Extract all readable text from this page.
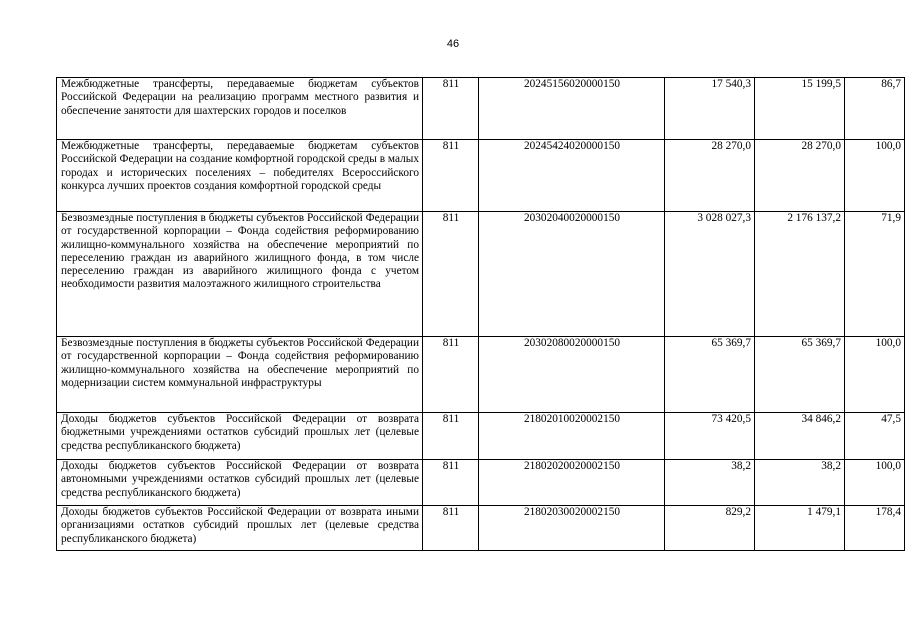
46
Межбюджетные трансферты, передаваемые бюджетам субъектов Российской Федерации на реализацию программ местного развития и обеспечение занятости для шахтерских городов и поселков	811	20245156020000150	17 540,3	15 199,5	86,7
Межбюджетные трансферты, передаваемые бюджетам субъектов Российской Федерации на создание комфортной городской среды в малых городах и исторических поселениях – победителях Всероссийского конкурса лучших проектов создания комфортной городской среды	811	20245424020000150	28 270,0	28 270,0	100,0
Безвозмездные поступления в бюджеты субъектов Российской Федерации от государственной корпорации – Фонда содействия реформированию жилищно-коммунального хозяйства на обеспечение мероприятий по переселению граждан из аварийного жилищного фонда, в том числе переселению граждан из аварийного жилищного фонда с учетом необходимости развития малоэтажного жилищного строительства	811	20302040020000150	3 028 027,3	2 176 137,2	71,9
Безвозмездные поступления в бюджеты субъектов Российской Федерации от государственной корпорации – Фонда содействия реформированию жилищно-коммунального хозяйства на обеспечение мероприятий по модернизации систем коммунальной инфраструктуры	811	20302080020000150	65 369,7	65 369,7	100,0
Доходы бюджетов субъектов Российской Федерации от возврата бюджетными учреждениями остатков субсидий прошлых лет (целевые средства республиканского бюджета)	811	21802010020002150	73 420,5	34 846,2	47,5
Доходы бюджетов субъектов Российской Федерации от возврата автономными учреждениями остатков субсидий прошлых лет (целевые средства республиканского бюджета)	811	21802020020002150	38,2	38,2	100,0
Доходы бюджетов субъектов Российской Федерации от возврата иными организациями остатков субсидий прошлых лет (целевые средства республиканского бюджета)	811	21802030020002150	829,2	1 479,1	178,4
